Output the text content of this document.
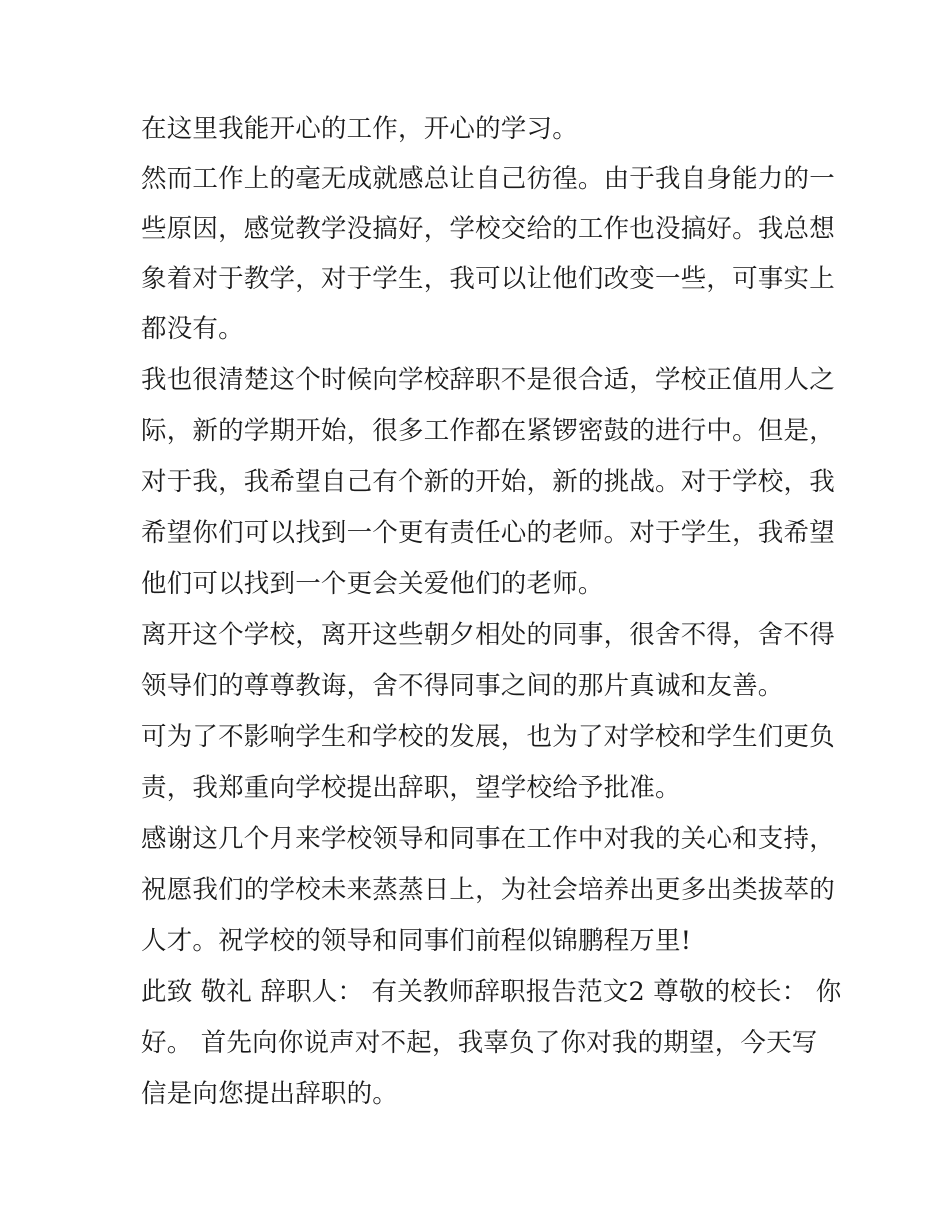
在这里我能开心的工作，开心的学习。
然而工作上的毫无成就感总让自己彷徨。由于我自身能力的一
些原因，感觉教学没搞好，学校交给的工作也没搞好。我总想
象着对于教学，对于学生，我可以让他们改变一些，可事实上
都没有。
我也很清楚这个时候向学校辞职不是很合适，学校正值用人之
际，新的学期开始，很多工作都在紧锣密鼓的进行中。但是，
对于我，我希望自己有个新的开始，新的挑战。对于学校，我
希望你们可以找到一个更有责任心的老师。对于学生，我希望
他们可以找到一个更会关爱他们的老师。
离开这个学校，离开这些朝夕相处的同事，很舍不得，舍不得
领导们的尊尊教诲，舍不得同事之间的那片真诚和友善。
可为了不影响学生和学校的发展，也为了对学校和学生们更负
责，我郑重向学校提出辞职，望学校给予批准。
感谢这几个月来学校领导和同事在工作中对我的关心和支持，
祝愿我们的学校未来蒸蒸日上，为社会培养出更多出类拔萃的
人才。祝学校的领导和同事们前程似锦鹏程万里!
此致 敬礼 辞职人： 有关教师辞职报告范文2 尊敬的校长： 你
好。 首先向你说声对不起，我辜负了你对我的期望，今天写
信是向您提出辞职的。
